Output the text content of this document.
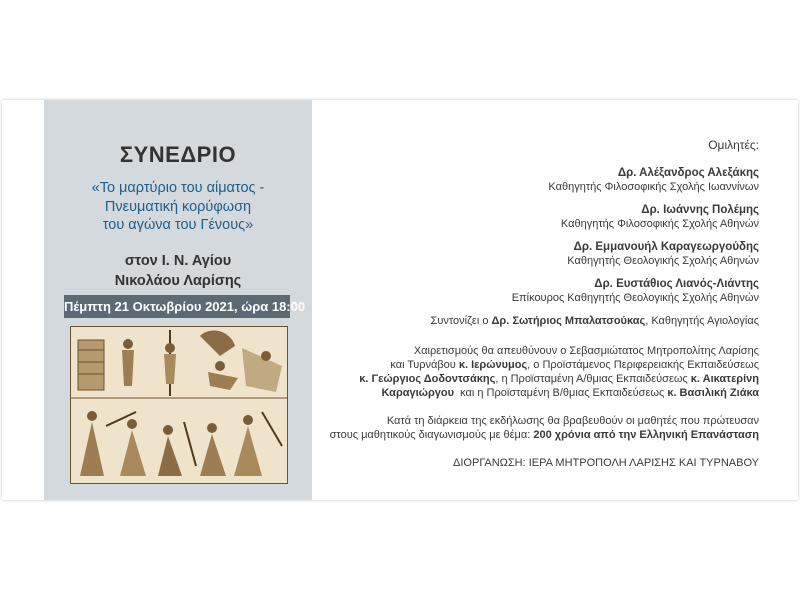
ΣΥΝΕΔΡΙΟ
«Το μαρτύριο του αίματος -
Πνευματική κορύφωση
του αγώνα του Γένους»
στον Ι. Ν. Αγίου
Νικολάου Λαρίσης
Πέμπτη 21 Οκτωβρίου 2021, ώρα 18:00
Ομιλητές:
Δρ. Αλέξανδρος Αλεξάκης
Καθηγητής Φιλοσοφικής Σχολής Ιωαννίνων
Δρ. Ιωάννης Πολέμης
Καθηγητής Φιλοσοφικής Σχολής Αθηνών
Δρ. Εμμανουήλ Καραγεωργούδης
Καθηγητής Θεολογικής Σχολής Αθηνών
Δρ. Ευστάθιος Λιανός-Λιάντης
Επίκουρος Καθηγητής Θεολογικής Σχολής Αθηνών
Συντονίζει ο Δρ. Σωτήριος Μπαλατσούκας, Καθηγητής Αγιολογίας
Χαιρετισμούς θα απευθύνουν ο Σεβασμιώτατος Μητροπολίτης Λαρίσης
και Τυρνάβου κ. Ιερώνυμος, ο Προϊστάμενος Περιφερειακής Εκπαιδεύσεως
κ. Γεώργιος Δοδοντσάκης, η Προϊσταμένη Α/θμιας Εκπαιδεύσεως κ. Αικατερίνη
Καραγιώργου  και η Προϊσταμένη Β/θμιας Εκπαιδεύσεως κ. Βασιλική Ζιάκα
Κατά τη διάρκεια της εκδήλωσης θα βραβευθούν οι μαθητές που πρώτευσαν
στους μαθητικούς διαγωνισμούς με θέμα: 200 χρόνια από την Ελληνική Επανάσταση
ΔΙΟΡΓΑΝΩΣΗ: ΙΕΡΑ ΜΗΤΡΟΠΟΛΗ ΛΑΡΙΣΗΣ ΚΑΙ ΤΥΡΝΑΒΟΥ
